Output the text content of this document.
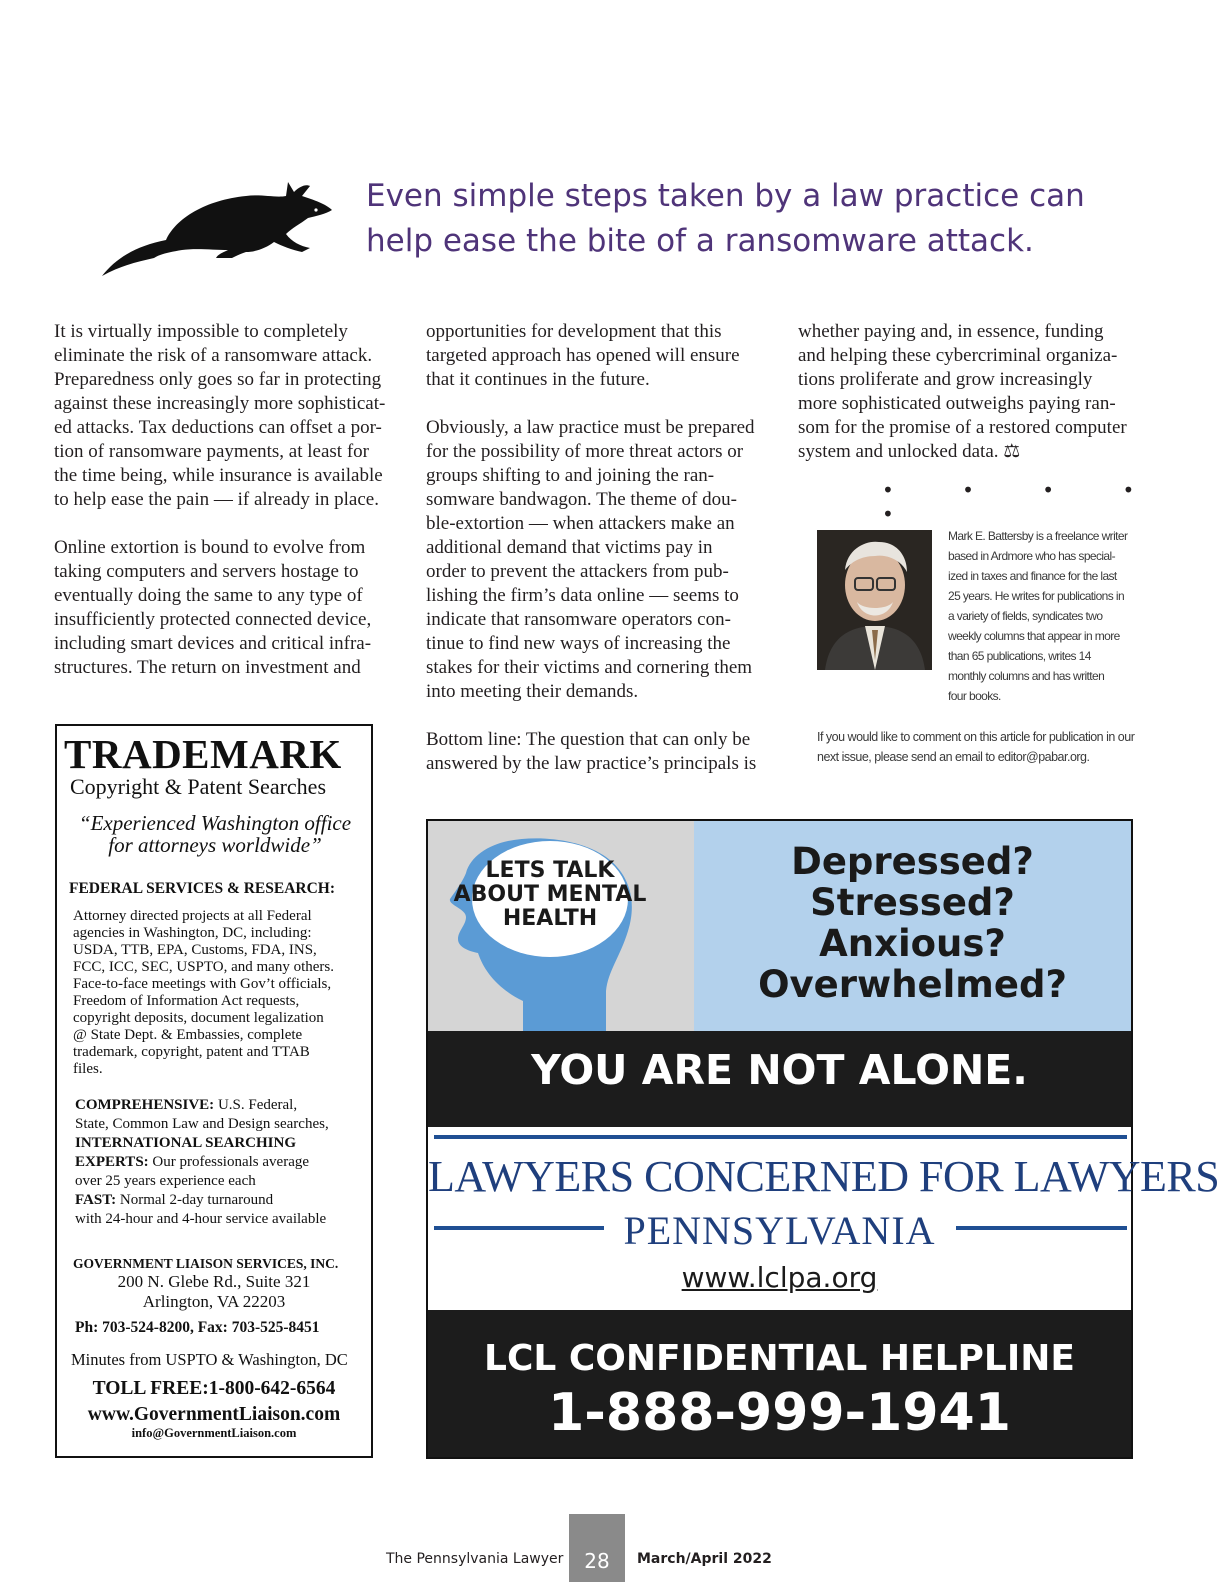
Even simple steps taken by a law practice can
help ease the bite of a ransomware attack.

It is virtually impossible to completely
eliminate the risk of a ransomware attack.
Preparedness only goes so far in protecting
against these increasingly more sophisticat-
ed attacks. Tax deductions can offset a por-
tion of ransomware payments, at least for
the time being, while insurance is available
to help ease the pain — if already in place.

Online extortion is bound to evolve from
taking computers and servers hostage to
eventually doing the same to any type of
insufficiently protected connected device,
including smart devices and critical infra-
structures. The return on investment and

opportunities for development that this
targeted approach has opened will ensure
that it continues in the future.

Obviously, a law practice must be prepared
for the possibility of more threat actors or
groups shifting to and joining the ran-
somware bandwagon. The theme of dou-
ble-extortion — when attackers make an
additional demand that victims pay in
order to prevent the attackers from pub-
lishing the firm’s data online — seems to
indicate that ransomware operators con-
tinue to find new ways of increasing the
stakes for their victims and cornering them
into meeting their demands.

Bottom line: The question that can only be
answered by the law practice’s principals is

whether paying and, in essence, funding
and helping these cybercriminal organiza-
tions proliferate and grow increasingly
more sophisticated outweighs paying ran-
som for the promise of a restored computer
system and unlocked data. ⚖

• • • • •
Mark E. Battersby is a freelance writer
based in Ardmore who has special-
ized in taxes and finance for the last
25 years. He writes for publications in
a variety of fields, syndicates two
weekly columns that appear in more
than 65 publications, writes 14
monthly columns and has written
four books.
If you would like to comment on this article for publication in our
next issue, please send an email to editor@pabar.org.
TRADEMARK
Copyright & Patent Searches
“Experienced Washington office for attorneys worldwide”
FEDERAL SERVICES & RESEARCH:
Attorney directed projects at all Federal
agencies in Washington, DC, including:
USDA, TTB, EPA, Customs, FDA, INS,
FCC, ICC, SEC, USPTO, and many others.
Face-to-face meetings with Gov’t officials,
Freedom of Information Act requests,
copyright deposits, document legalization
@ State Dept. & Embassies, complete
trademark, copyright, patent and TTAB
files.
COMPREHENSIVE: U.S. Federal,
State, Common Law and Design searches,
INTERNATIONAL SEARCHING
EXPERTS: Our professionals average
over 25 years experience each
FAST: Normal 2-day turnaround
with 24-hour and 4-hour service available
GOVERNMENT LIAISON SERVICES, INC.
200 N. Glebe Rd., Suite 321
Arlington, VA 22203
Ph: 703-524-8200, Fax: 703-525-8451
Minutes from USPTO & Washington, DC
TOLL FREE:1-800-642-6564
www.GovernmentLiaison.com
info@GovernmentLiaison.com
LETS TALK
ABOUT MENTAL
HEALTH
Depressed?
Stressed?
Anxious?
Overwhelmed?
YOU ARE NOT ALONE.
LAWYERS CONCERNED FOR LAWYERS
PENNSYLVANIA
www.lclpa.org
LCL CONFIDENTIAL HELPLINE
1-888-999-1941
The Pennsylvania Lawyer	28	March/April 2022
